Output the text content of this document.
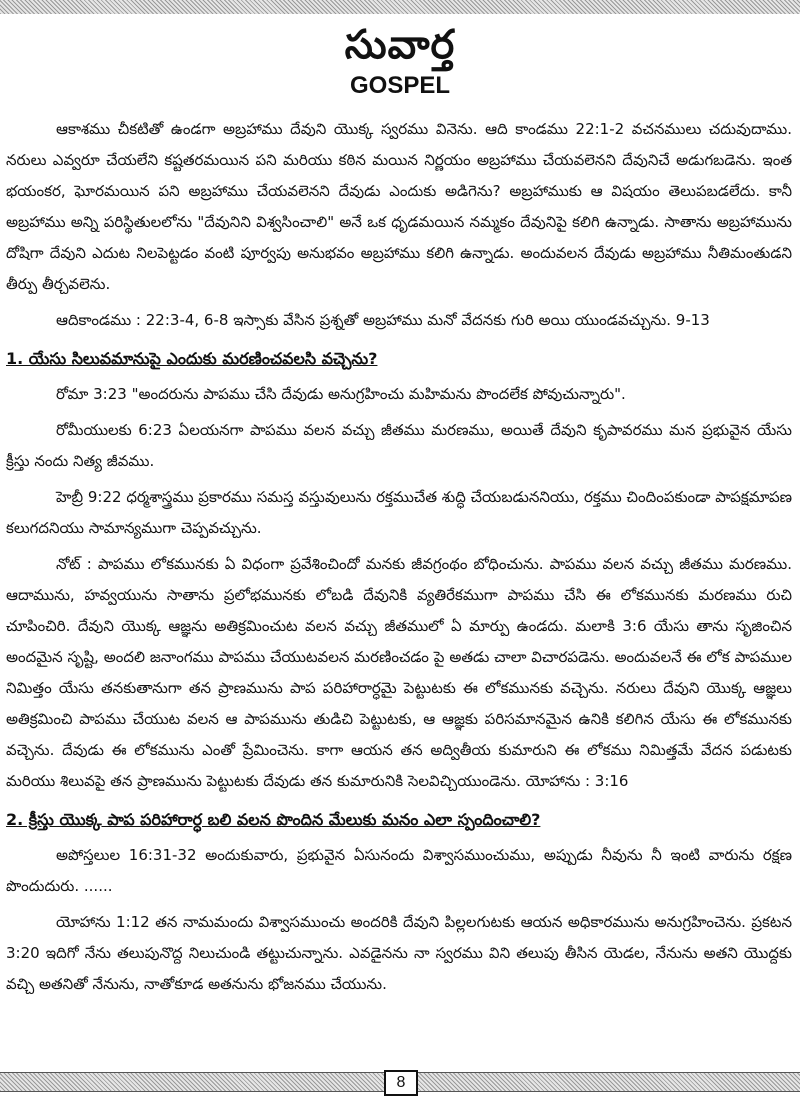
సువార్త
GOSPEL

ఆకాశము చీకటితో ఉండగా అబ్రహాము దేవుని యొక్క స్వరము వినెను. ఆది కాండము 22:1-2 వచనములు చదువుదాము. నరులు ఎవ్వరూ చేయలేని కష్టతరమయిన పని మరియు కఠిన మయిన నిర్ణయం అబ్రహాము చేయవలెనని దేవునిచే అడుగబడెను. ఇంత భయంకర, ఘోరమయిన పని అబ్రహాము చేయవలెనని దేవుడు ఎందుకు అడిగెను? అబ్రహాముకు ఆ విషయం తెలుపబడలేదు. కానీ అబ్రహాము అన్ని పరిస్థితులలోను "దేవునిని విశ్వసించాలి" అనే ఒక ధృడమయిన నమ్మకం దేవునిపై కలిగి ఉన్నాడు. సాతాను అబ్రహామును దోషిగా దేవుని ఎదుట నిలపెట్టడం వంటి పూర్వపు అనుభవం అబ్రహాము కలిగి ఉన్నాడు. అందువలన దేవుడు అబ్రహాము నీతిమంతుడని తీర్పు తీర్చవలెను.

ఆదికాండము : 22:3-4, 6-8 ఇస్సాకు వేసిన ప్రశ్నతో అబ్రహాము మనో వేదనకు గురి అయి యుండవచ్చును. 9-13

1. యేసు సిలువమానుపై ఎందుకు మరణించవలసి వచ్చెను?

రోమా 3:23 "అందరును పాపము చేసి దేవుడు అనుగ్రహించు మహిమను పొందలేక పోవుచున్నారు".

రోమీయులకు 6:23 ఏలయనగా పాపము వలన వచ్చు జీతము మరణము, అయితే దేవుని కృపావరము మన ప్రభువైన యేసు క్రీస్తు నందు నిత్య జీవము.

హెబ్రీ 9:22 ధర్మశాస్త్రము ప్రకారము సమస్త వస్తువులును రక్తముచేత శుద్ధి చేయబడుననియు, రక్తము చిందింపకుండా పాపక్షమాపణ కలుగదనియు సామాన్యముగా చెప్పవచ్చును.

నోట్ : పాపము లోకమునకు ఏ విధంగా ప్రవేశించిందో మనకు జీవగ్రంథం బోధించును. పాపము వలన వచ్చు జీతము మరణము. ఆదామును, హవ్వయును సాతాను ప్రలోభమునకు లోబడి దేవునికి వ్యతిరేకముగా పాపము చేసి ఈ లోకమునకు మరణము రుచి చూపించిరి. దేవుని యొక్క ఆజ్ఞను అతిక్రమించుట వలన వచ్చు జీతములో ఏ మార్పు ఉండదు. మలాకి 3:6 యేసు తాను సృజించిన అందమైన సృష్టి, అందలి జనాంగము పాపము చేయుటవలన మరణించడం పై అతడు చాలా విచారపడెను. అందువలనే ఈ లోక పాపముల నిమిత్తం యేసు తనకుతానుగా తన ప్రాణమును పాప పరిహారార్ధమై పెట్టుటకు ఈ లోకమునకు వచ్చెను. నరులు దేవుని యొక్క ఆజ్ఞలు అతిక్రమించి పాపము చేయుట వలన ఆ పాపమును తుడిచి పెట్టుటకు, ఆ ఆజ్ఞకు పరిసమానమైన ఉనికి కలిగిన యేసు ఈ లోకమునకు వచ్చెను. దేవుడు ఈ లోకమును ఎంతో ప్రేమించెను. కాగా ఆయన తన అద్వితీయ కుమారుని ఈ లోకము నిమిత్తమే వేదన పడుటకు మరియు శిలువపై తన ప్రాణమును పెట్టుటకు దేవుడు తన కుమారునికి సెలవిచ్చియుండెను. యోహాను : 3:16

2. క్రీస్తు యొక్క పాప పరిహారార్ధ బలి వలన పొందిన మేలుకు మనం ఎలా స్పందించాలి?

అపోస్తలుల 16:31-32 అందుకువారు, ప్రభువైన ఏసునందు విశ్వాసముంచుము, అప్పుడు నీవును నీ ఇంటి వారును రక్షణ పొందుదురు. ......

యోహాను 1:12 తన నామమందు విశ్వాసముంచు అందరికి దేవుని పిల్లలగుటకు ఆయన అధికారమును అనుగ్రహించెను. ప్రకటన 3:20 ఇదిగో నేను తలుపునొద్ద నిలుచుండి తట్టుచున్నాను. ఎవడైనను నా స్వరము విని తలుపు తీసిన యెడల, నేనును అతని యొద్దకు వచ్చి అతనితో నేనును, నాతోకూడ అతనును భోజనము చేయును.

8
